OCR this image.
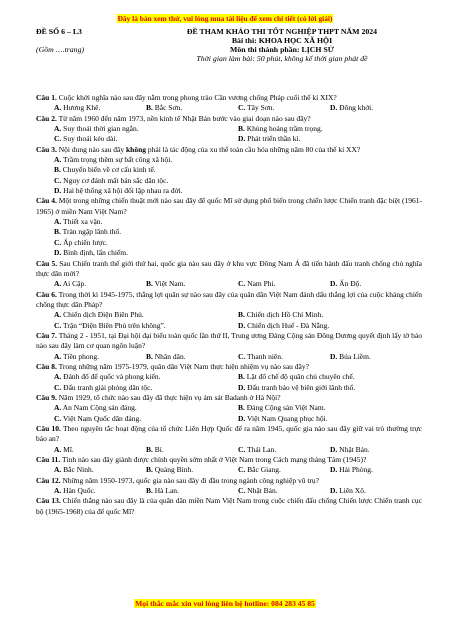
Đây là bản xem thử, vui lòng mua tài liệu để xem chi tiết (có lời giải)
ĐỀ SỐ 6 – L3	ĐỀ THAM KHẢO THI TỐT NGHIỆP THPT NĂM 2024
Bài thi: KHOA HỌC XÃ HỘI
(Gồm ….trang)	Môn thi thành phần: LỊCH SỬ
Thời gian làm bài: 50 phút, không kể thời gian phát đề
Câu 1. Cuộc khởi nghĩa nào sau đây nằm trong phong trào Cần vương chống Pháp cuối thế kỉ XIX?
A. Hương Khê.	B. Bắc Sơn.	C. Tây Sơn.	D. Đông khởi.
Câu 2. Từ năm 1960 đến năm 1973, nền kinh tế Nhật Bản bước vào giai đoạn nào sau đây?
A. Suy thoái thời gian ngắn.	B. Khủng hoảng trầm trọng.
C. Suy thoái kéo dài.	D. Phát triển thần kì.
Câu 3. Nội dung nào sau đây không phải là tác động của xu thế toàn cầu hóa những năm 80 của thế kỉ XX?
A. Trầm trọng thêm sự bất công xã hội.
B. Chuyển biến về cơ cấu kinh tế.
C. Nguy cơ đánh mất bản sắc dân tộc.
D. Hai hệ thống xã hội đối lập nhau ra đời.
Câu 4. Một trong những chiến thuật mới nào sau đây để quốc Mĩ sử dụng phổ biến trong chiến lược Chiến tranh đặc biệt (1961-1965) ở miền Nam Việt Nam?
A. Thiết xa vận.
B. Tràn ngập lãnh thổ.
C. Ấp chiến lược.
D. Bình định, lấn chiếm.
Câu 5. Sau Chiến tranh thế giới thứ hai, quốc gia nào sau đây ở khu vực Đông Nam Á đã tiến hành đấu tranh chống chủ nghĩa thực dân mới?
A. Ai Cập.	B. Việt Nam.	C. Nam Phi.	D. Ấn Độ.
Câu 6. Trong thời kì 1945-1975, thắng lợi quân sự nào sau đây của quân dân Việt Nam đánh dấu thắng lợi của cuộc kháng chiến chống thực dân Pháp?
A. Chiến dịch Điện Biên Phủ.	B. Chiến dịch Hồ Chí Minh.
C. Trận “Điện Biên Phủ trên không”.	D. Chiến dịch Huế - Đà Nẵng.
Câu 7. Tháng 2 - 1951, tại Đại hội đại biểu toàn quốc lần thứ II, Trung ương Đảng Cộng sản Đông Dương quyết định lấy tờ báo nào sau đây làm cơ quan ngôn luận?
A. Tiền phong.	B. Nhân dân.	C. Thanh niên.	D. Búa Liềm.
Câu 8. Trong những năm 1975-1979, quân dân Việt Nam thực hiện nhiệm vụ nào sau đây?
A. Đánh đổ đế quốc và phong kiến.	B. Lật đổ chế độ quân chủ chuyên chế.
C. Đấu tranh giải phóng dân tộc.	D. Đấu tranh bảo vệ biên giới lãnh thổ.
Câu 9. Năm 1929, tổ chức nào sau đây đã thực hiện vụ ám sát Badanh ở Hà Nội?
A. An Nam Cộng sản đảng.	B. Đảng Cộng sản Việt Nam.
C. Việt Nam Quốc dân đảng.	D. Việt Nam Quang phục hội.
Câu 10. Theo nguyên tắc hoạt động của tổ chức Liên Hợp Quốc để ra năm 1945, quốc gia nào sau đây giữ vai trò thường trực bảo an?
A. Mĩ.	B. Bỉ.	C. Thái Lan.	D. Nhật Bản.
Câu 11. Tỉnh nào sau đây giành được chính quyền sớm nhất ở Việt Nam trong Cách mạng tháng Tám (1945)?
A. Bắc Ninh.	B. Quảng Bình.	C. Bắc Giang.	D. Hải Phòng.
Câu 12. Những năm 1950-1973, quốc gia nào sau đây đi đầu trong ngành công nghiệp vũ trụ?
A. Hàn Quốc.	B. Hà Lan.	C. Nhật Bản.	D. Liên Xô.
Câu 13. Chiến thắng nào sau đây là của quân dân miền Nam Việt Nam trong cuộc chiến đấu chống Chiến lược Chiến tranh cục bộ (1965-1968) của để quốc Mĩ?
Mọi thắc mắc xin vui lòng liên hệ hotline: 084 283 45 85
